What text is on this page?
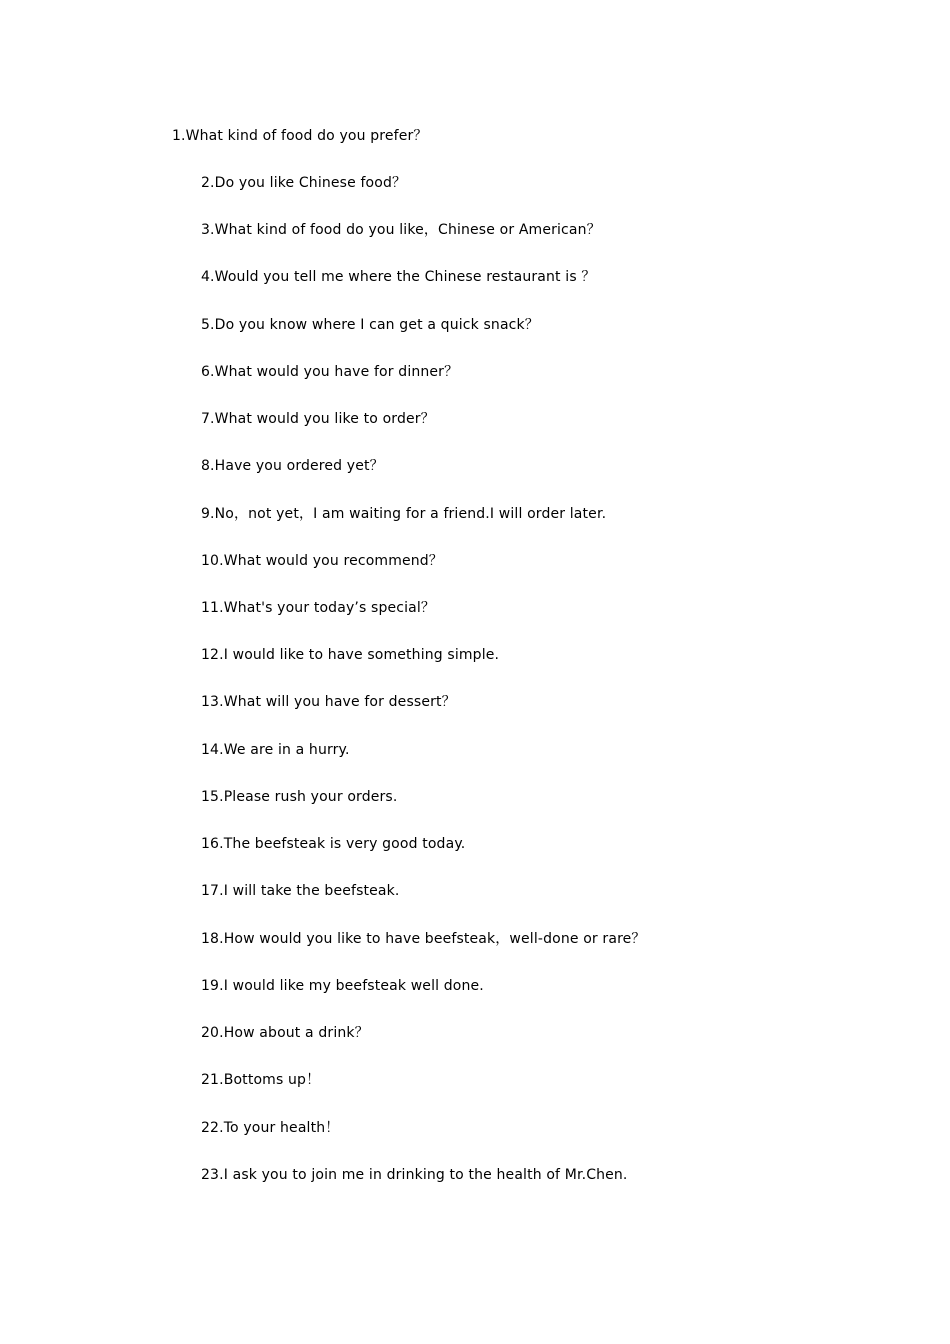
1.What kind of food do you prefer？
2.Do you like Chinese food？
3.What kind of food do you like，Chinese or American？
4.Would you tell me where the Chinese restaurant is ？
5.Do you know where I can get a quick snack？
6.What would you have for dinner？
7.What would you like to order？
8.Have you ordered yet？
9.No，not yet，I am waiting for a friend.I will order later.
10.What would you recommend？
11.What's your today’s special？
12.I would like to have something simple.
13.What will you have for dessert？
14.We are in a hurry.
15.Please rush your orders.
16.The beefsteak is very good today.
17.I will take the beefsteak.
18.How would you like to have beefsteak，well-done or rare？
19.I would like my beefsteak well done.
20.How about a drink？
21.Bottoms up！
22.To your health！
23.I ask you to join me in drinking to the health of Mr.Chen.
